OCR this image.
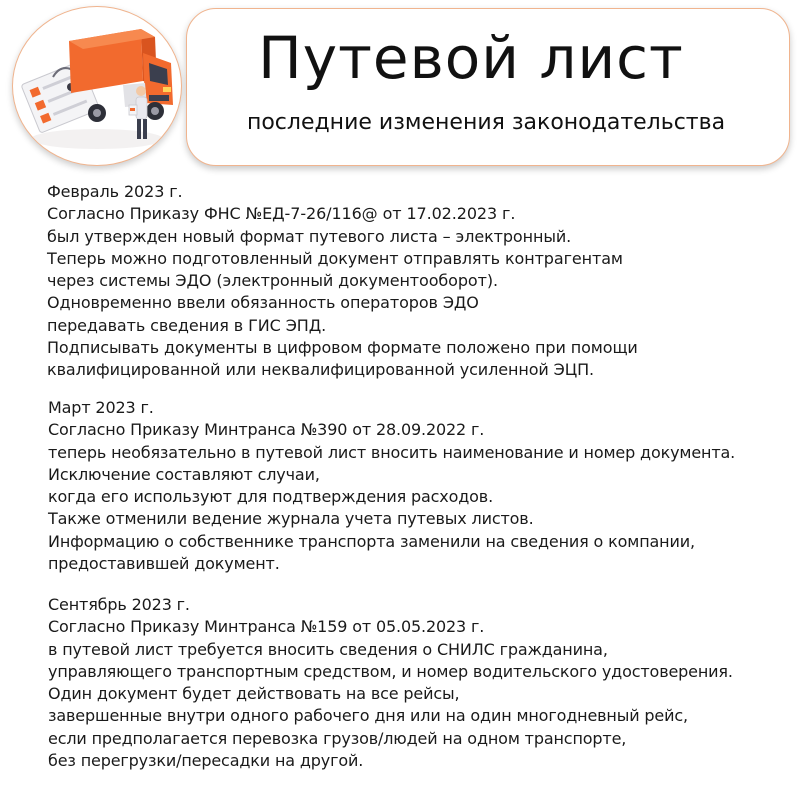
Путевой лист
последние изменения законодательства
Февраль 2023 г.
Согласно Приказу ФНС №ЕД-7-26/116@ от 17.02.2023 г.
был утвержден новый формат путевого листа – электронный.
Теперь можно подготовленный документ отправлять контрагентам
через системы ЭДО (электронный документооборот).
Одновременно ввели обязанность операторов ЭДО
передавать сведения в ГИС ЭПД.
Подписывать документы в цифровом формате положено при помощи
квалифицированной или неквалифицированной усиленной ЭЦП.
Март 2023 г.
Согласно Приказу Минтранса №390 от 28.09.2022 г.
теперь необязательно в путевой лист вносить наименование и номер документа.
Исключение составляют случаи,
когда его используют для подтверждения расходов.
Также отменили ведение журнала учета путевых листов.
Информацию о собственнике транспорта заменили на сведения о компании,
предоставившей документ.
Сентябрь 2023 г.
Согласно Приказу Минтранса №159 от 05.05.2023 г.
в путевой лист требуется вносить сведения о СНИЛС гражданина,
управляющего транспортным средством, и номер водительского удостоверения.
Один документ будет действовать на все рейсы,
завершенные внутри одного рабочего дня или на один многодневный рейс,
если предполагается перевозка грузов/людей на одном транспорте,
без перегрузки/пересадки на другой.
